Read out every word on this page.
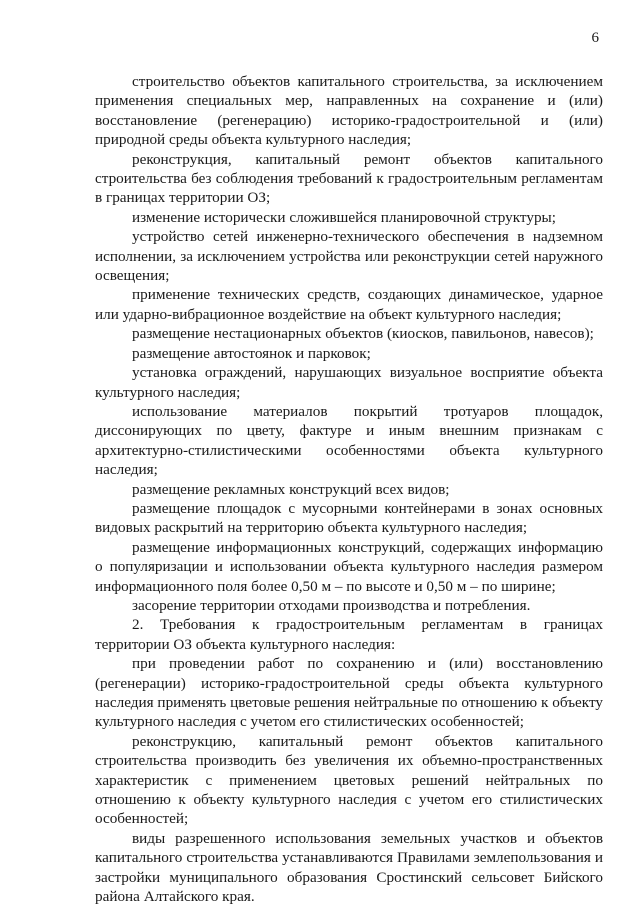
6

строительство объектов капитального строительства, за исключением применения специальных мер, направленных на сохранение и (или) восстановление (регенерацию) историко-градостроительной и (или) природной среды объекта культурного наследия;

реконструкция, капитальный ремонт объектов капитального строительства без соблюдения требований к градостроительным регламентам в границах территории ОЗ;

изменение исторически сложившейся планировочной структуры;

устройство сетей инженерно-технического обеспечения в надземном исполнении, за исключением устройства или реконструкции сетей наружного освещения;

применение технических средств, создающих динамическое, ударное или ударно-вибрационное воздействие на объект культурного наследия;

размещение нестационарных объектов (киосков, павильонов, навесов);

размещение автостоянок и парковок;

установка ограждений, нарушающих визуальное восприятие объекта культурного наследия;

использование материалов покрытий тротуаров площадок, диссонирующих по цвету, фактуре и иным внешним признакам с архитектурно-стилистическими особенностями объекта культурного наследия;

размещение рекламных конструкций всех видов;

размещение площадок с мусорными контейнерами в зонах основных видовых раскрытий на территорию объекта культурного наследия;

размещение информационных конструкций, содержащих информацию о популяризации и использовании объекта культурного наследия размером информационного поля более 0,50 м – по высоте и 0,50 м – по ширине;

засорение территории отходами производства и потребления.

2. Требования к градостроительным регламентам в границах территории ОЗ объекта культурного наследия:

при проведении работ по сохранению и (или) восстановлению (регенерации) историко-градостроительной среды объекта культурного наследия применять цветовые решения нейтральные по отношению к объекту культурного наследия с учетом его стилистических особенностей;

реконструкцию, капитальный ремонт объектов капитального строительства производить без увеличения их объемно-пространственных характеристик с применением цветовых решений нейтральных по отношению к объекту культурного наследия с учетом его стилистических особенностей;

виды разрешенного использования земельных участков и объектов капитального строительства устанавливаются Правилами землепользования и застройки муниципального образования Сростинский сельсовет Бийского района Алтайского края.
